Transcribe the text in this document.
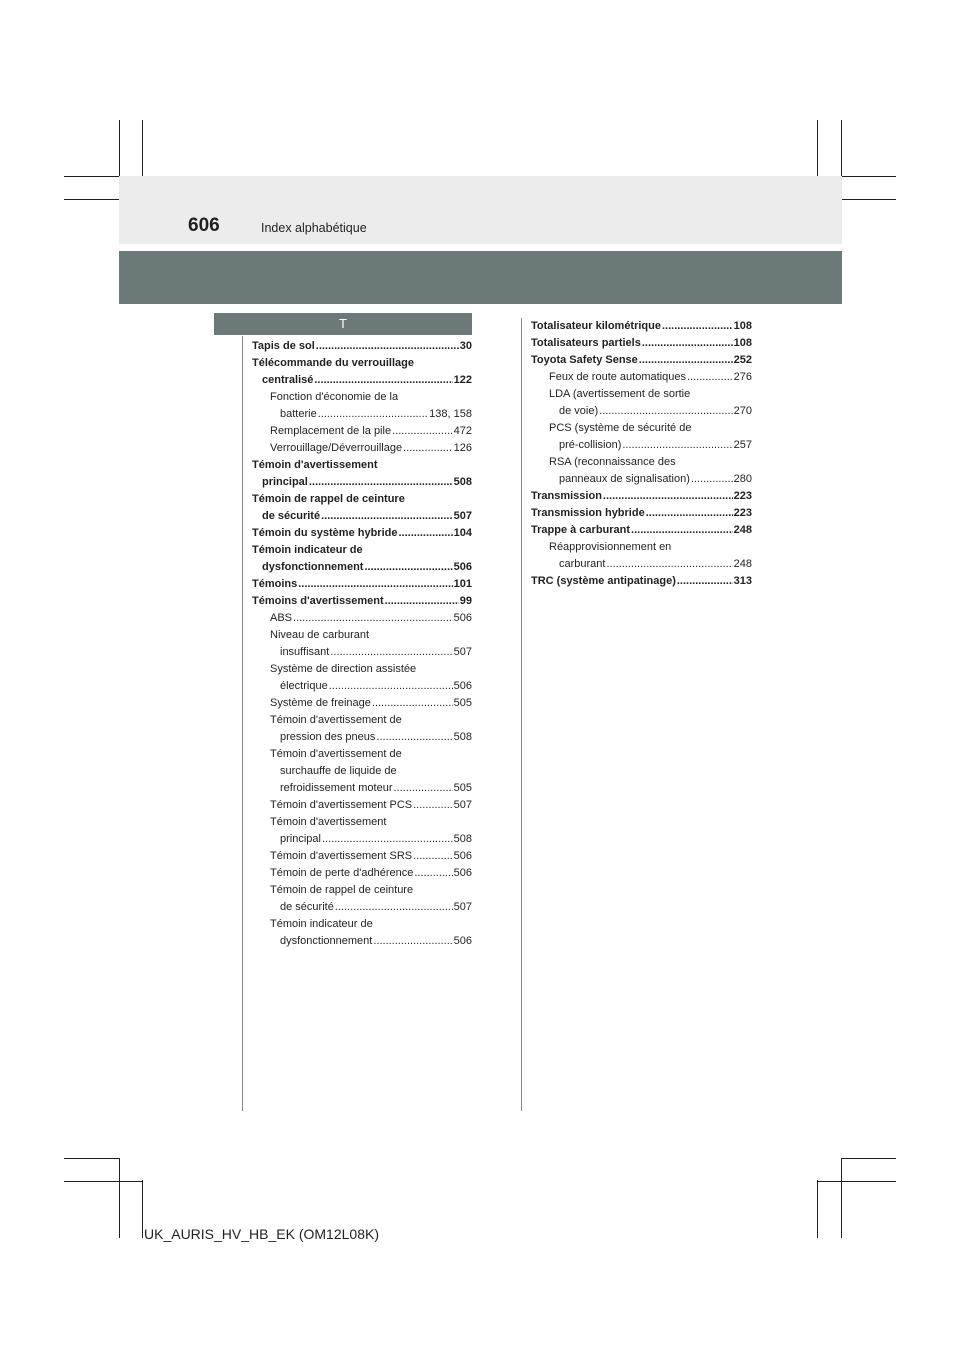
606	Index alphabétique
T
Tapis de sol .....	30
Télécommande du verrouillage
centralisé .....	122
Fonction d'économie de la
batterie .....	138, 158
Remplacement de la pile .....	472
Verrouillage/Déverrouillage .....	126
Témoin d'avertissement
principal .....	508
Témoin de rappel de ceinture
de sécurité .....	507
Témoin du système hybride .....	104
Témoin indicateur de
dysfonctionnement .....	506
Témoins .....	101
Témoins d'avertissement .....	99
ABS .....	506
Niveau de carburant
insuffisant .....	507
Système de direction assistée
électrique .....	506
Système de freinage .....	505
Témoin d'avertissement de
pression des pneus .....	508
Témoin d'avertissement de
surchauffe de liquide de
refroidissement moteur .....	505
Témoin d'avertissement PCS .....	507
Témoin d'avertissement
principal .....	508
Témoin d'avertissement SRS .....	506
Témoin de perte d'adhérence .....	506
Témoin de rappel de ceinture
de sécurité .....	507
Témoin indicateur de
dysfonctionnement .....	506
Totalisateur kilométrique .....	108
Totalisateurs partiels .....	108
Toyota Safety Sense .....	252
Feux de route automatiques .....	276
LDA (avertissement de sortie
de voie) .....	270
PCS (système de sécurité de
pré-collision) .....	257
RSA (reconnaissance des
panneaux de signalisation) .....	280
Transmission .....	223
Transmission hybride .....	223
Trappe à carburant .....	248
Réapprovisionnement en
carburant .....	248
TRC (système antipatinage) .....	313
UK_AURIS_HV_HB_EK (OM12L08K)
